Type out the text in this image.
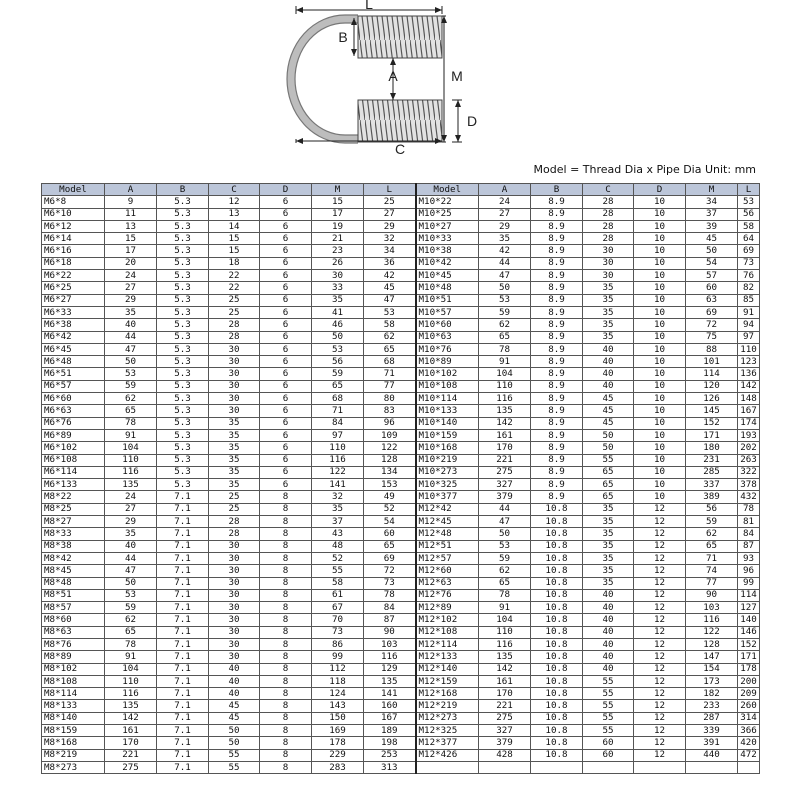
L
B
A	M
D
C
Model = Thread Dia x Pipe Dia Unit: mm
Model	A	B	C	D	M	L	Model	A	B	C	D	M	L
M6*8	9	5.3	12	6	15	25	M10*22	24	8.9	28	10	34	53
M6*10	11	5.3	13	6	17	27	M10*25	27	8.9	28	10	37	56
M6*12	13	5.3	14	6	19	29	M10*27	29	8.9	28	10	39	58
M6*14	15	5.3	15	6	21	32	M10*33	35	8.9	28	10	45	64
M6*16	17	5.3	15	6	23	34	M10*38	42	8.9	30	10	50	69
M6*18	20	5.3	18	6	26	36	M10*42	44	8.9	30	10	54	73
M6*22	24	5.3	22	6	30	42	M10*45	47	8.9	30	10	57	76
M6*25	27	5.3	22	6	33	45	M10*48	50	8.9	35	10	60	82
M6*27	29	5.3	25	6	35	47	M10*51	53	8.9	35	10	63	85
M6*33	35	5.3	25	6	41	53	M10*57	59	8.9	35	10	69	91
M6*38	40	5.3	28	6	46	58	M10*60	62	8.9	35	10	72	94
M6*42	44	5.3	28	6	50	62	M10*63	65	8.9	35	10	75	97
M6*45	47	5.3	30	6	53	65	M10*76	78	8.9	40	10	88	110
M6*48	50	5.3	30	6	56	68	M10*89	91	8.9	40	10	101	123
M6*51	53	5.3	30	6	59	71	M10*102	104	8.9	40	10	114	136
M6*57	59	5.3	30	6	65	77	M10*108	110	8.9	40	10	120	142
M6*60	62	5.3	30	6	68	80	M10*114	116	8.9	45	10	126	148
M6*63	65	5.3	30	6	71	83	M10*133	135	8.9	45	10	145	167
M6*76	78	5.3	35	6	84	96	M10*140	142	8.9	45	10	152	174
M6*89	91	5.3	35	6	97	109	M10*159	161	8.9	50	10	171	193
M6*102	104	5.3	35	6	110	122	M10*168	170	8.9	50	10	180	202
M6*108	110	5.3	35	6	116	128	M10*219	221	8.9	55	10	231	263
M6*114	116	5.3	35	6	122	134	M10*273	275	8.9	65	10	285	322
M6*133	135	5.3	35	6	141	153	M10*325	327	8.9	65	10	337	378
M8*22	24	7.1	25	8	32	49	M10*377	379	8.9	65	10	389	432
M8*25	27	7.1	25	8	35	52	M12*42	44	10.8	35	12	56	78
M8*27	29	7.1	28	8	37	54	M12*45	47	10.8	35	12	59	81
M8*33	35	7.1	28	8	43	60	M12*48	50	10.8	35	12	62	84
M8*38	40	7.1	30	8	48	65	M12*51	53	10.8	35	12	65	87
M8*42	44	7.1	30	8	52	69	M12*57	59	10.8	35	12	71	93
M8*45	47	7.1	30	8	55	72	M12*60	62	10.8	35	12	74	96
M8*48	50	7.1	30	8	58	73	M12*63	65	10.8	35	12	77	99
M8*51	53	7.1	30	8	61	78	M12*76	78	10.8	40	12	90	114
M8*57	59	7.1	30	8	67	84	M12*89	91	10.8	40	12	103	127
M8*60	62	7.1	30	8	70	87	M12*102	104	10.8	40	12	116	140
M8*63	65	7.1	30	8	73	90	M12*108	110	10.8	40	12	122	146
M8*76	78	7.1	30	8	86	103	M12*114	116	10.8	40	12	128	152
M8*89	91	7.1	30	8	99	116	M12*133	135	10.8	40	12	147	171
M8*102	104	7.1	40	8	112	129	M12*140	142	10.8	40	12	154	178
M8*108	110	7.1	40	8	118	135	M12*159	161	10.8	55	12	173	200
M8*114	116	7.1	40	8	124	141	M12*168	170	10.8	55	12	182	209
M8*133	135	7.1	45	8	143	160	M12*219	221	10.8	55	12	233	260
M8*140	142	7.1	45	8	150	167	M12*273	275	10.8	55	12	287	314
M8*159	161	7.1	50	8	169	189	M12*325	327	10.8	55	12	339	366
M8*168	170	7.1	50	8	178	198	M12*377	379	10.8	60	12	391	420
M8*219	221	7.1	55	8	229	253	M12*426	428	10.8	60	12	440	472
M8*273	275	7.1	55	8	283	313							
